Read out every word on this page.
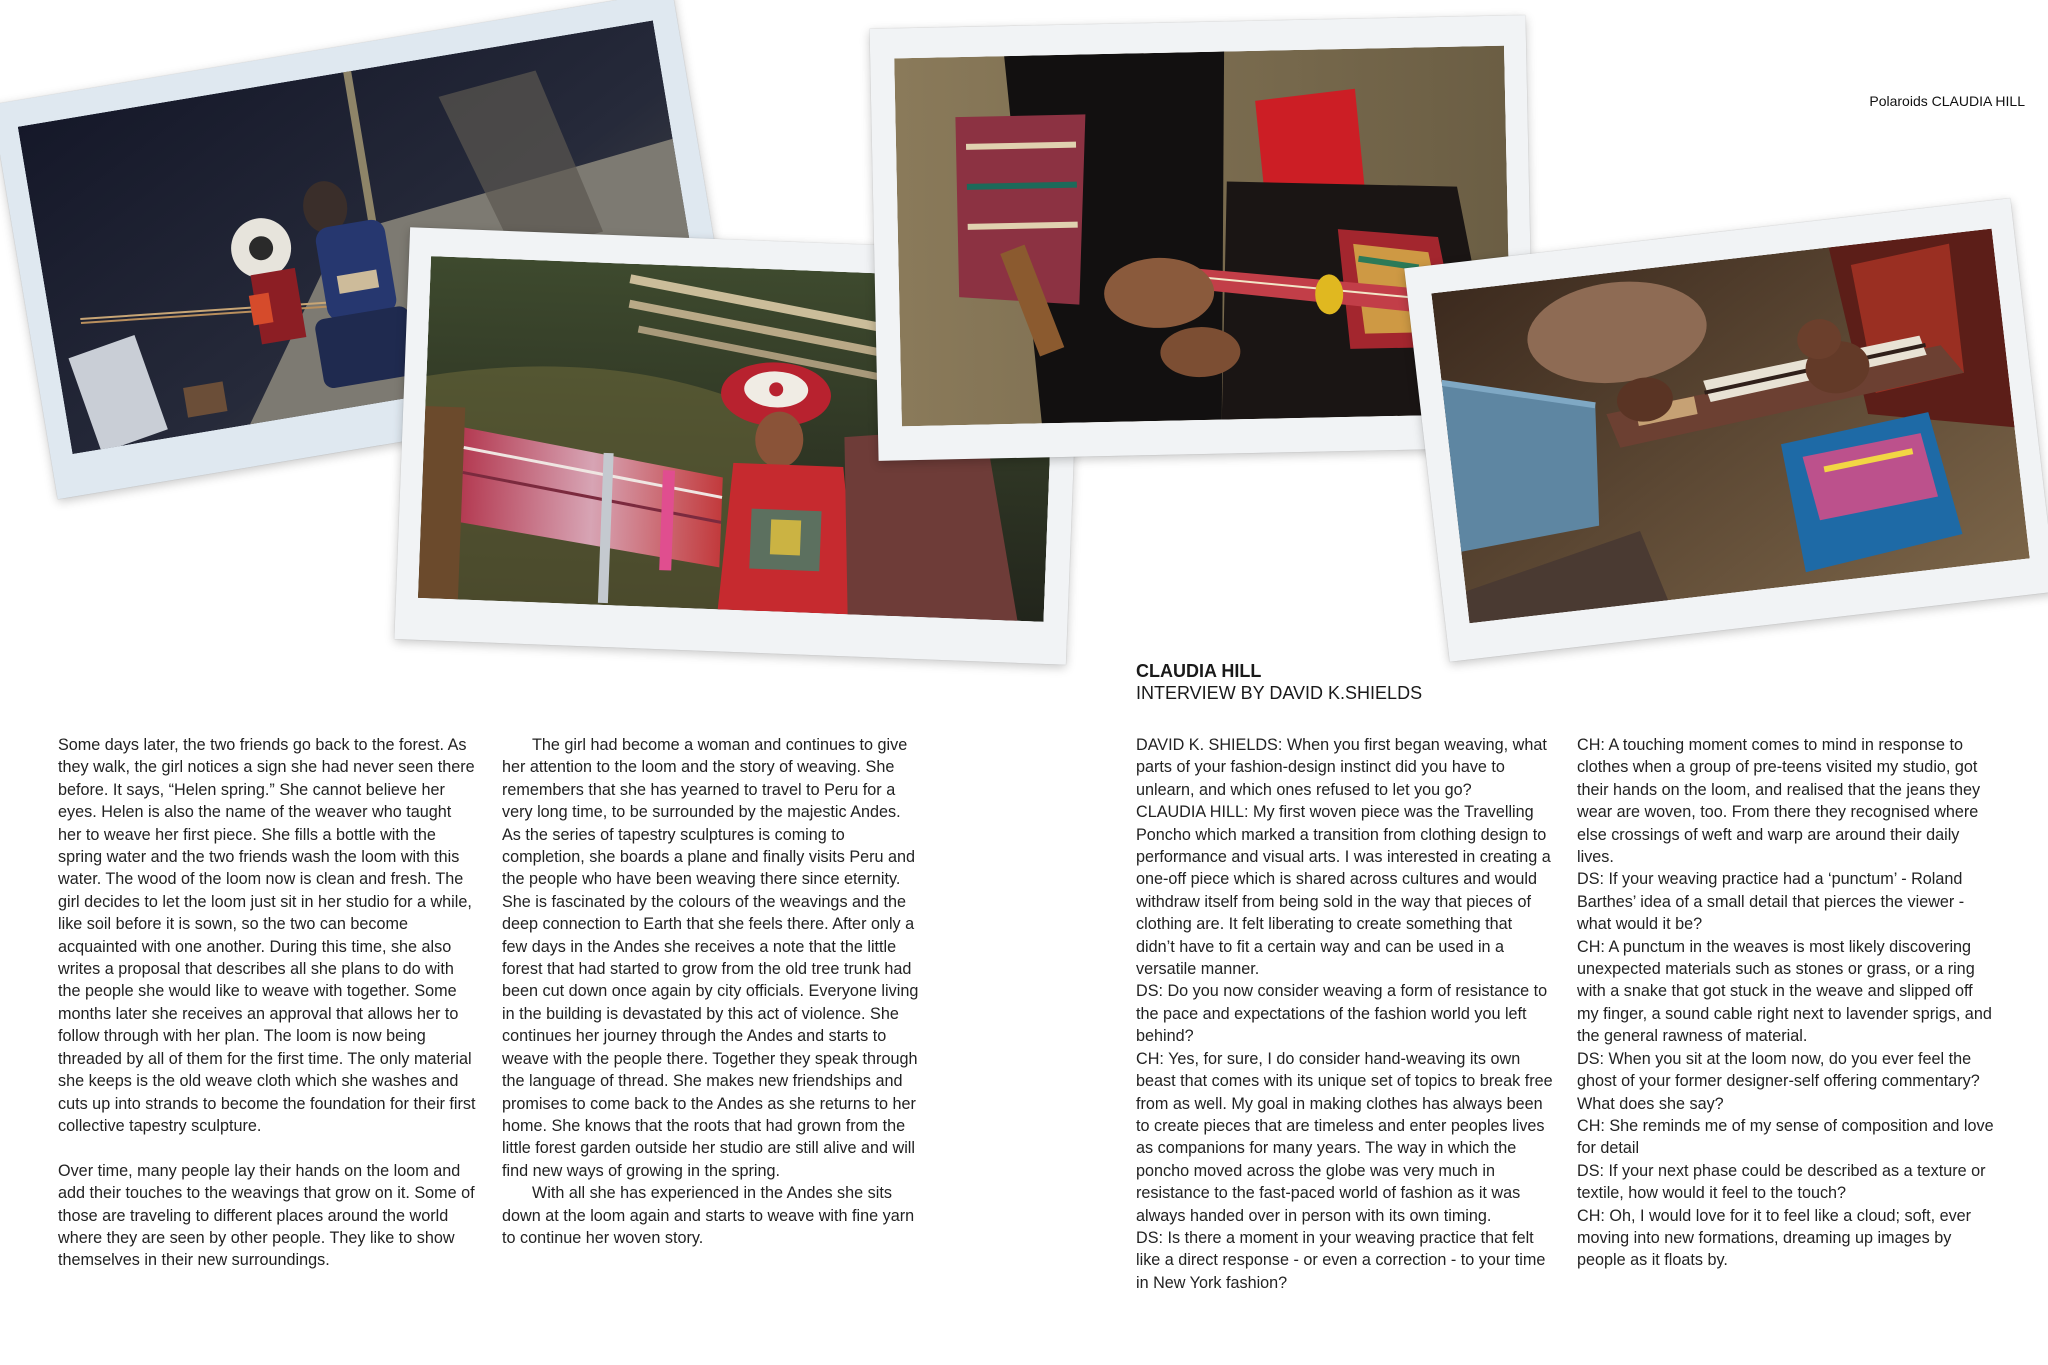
Polaroids CLAUDIA HILL
CLAUDIA HILL
INTERVIEW BY DAVID K.SHIELDS

Some days later, the two friends go back to the forest. As they walk, the girl notices a sign she had never seen there before. It says, “Helen spring.” She cannot believe her eyes. Helen is also the name of the weaver who taught her to weave her first piece. She fills a bottle with the spring water and the two friends wash the loom with this water. The wood of the loom now is clean and fresh. The girl decides to let the loom just sit in her studio for a while, like soil before it is sown, so the two can become acquainted with one another. During this time, she also writes a proposal that describes all she plans to do with the people she would like to weave with together. Some months later she receives an approval that allows her to follow through with her plan. The loom is now being threaded by all of them for the first time. The only material she keeps is the old weave cloth which she washes and cuts up into strands to become the foundation for their first collective tapestry sculpture.

Over time, many people lay their hands on the loom and add their touches to the weavings that grow on it. Some of those are traveling to different places around the world where they are seen by other people. They like to show themselves in their new surroundings.

The girl had become a woman and continues to give her attention to the loom and the story of weaving. She remembers that she has yearned to travel to Peru for a very long time, to be surrounded by the majestic Andes. As the series of tapestry sculptures is coming to completion, she boards a plane and finally visits Peru and the people who have been weaving there since eternity. She is fascinated by the colours of the weavings and the deep connection to Earth that she feels there. After only a few days in the Andes she receives a note that the little forest that had started to grow from the old tree trunk had been cut down once again by city officials. Everyone living in the building is devastated by this act of violence. She continues her journey through the Andes and starts to weave with the people there. Together they speak through the language of thread. She makes new friendships and promises to come back to the Andes as she returns to her home. She knows that the roots that had grown from the little forest garden outside her studio are still alive and will find new ways of growing in the spring.

With all she has experienced in the Andes she sits down at the loom again and starts to weave with fine yarn to continue her woven story.

DAVID K. SHIELDS: When you first began weaving, what parts of your fashion-design instinct did you have to unlearn, and which ones refused to let you go?

CLAUDIA HILL: My first woven piece was the Travelling Poncho which marked a transition from clothing design to performance and visual arts. I was interested in creating a one-off piece which is shared across cultures and would withdraw itself from being sold in the way that pieces of clothing are. It felt liberating to create something that didn’t have to fit a certain way and can be used in a versatile manner.

DS: Do you now consider weaving a form of resistance to the pace and expectations of the fashion world you left behind?

CH: Yes, for sure, I do consider hand-weaving its own beast that comes with its unique set of topics to break free from as well. My goal in making clothes has always been to create pieces that are timeless and enter peoples lives as companions for many years. The way in which the poncho moved across the globe was very much in resistance to the fast-paced world of fashion as it was always handed over in person with its own timing.

DS: Is there a moment in your weaving practice that felt like a direct response - or even a correction - to your time in New York fashion?

CH: A touching moment comes to mind in response to clothes when a group of pre-teens visited my studio, got their hands on the loom, and realised that the jeans they wear are woven, too. From there they recognised where else crossings of weft and warp are around their daily lives.

DS: If your weaving practice had a ‘punctum’ - Roland Barthes’ idea of a small detail that pierces the viewer - what would it be?

CH: A punctum in the weaves is most likely discovering unexpected materials such as stones or grass, or a ring with a snake that got stuck in the weave and slipped off my finger, a sound cable right next to lavender sprigs, and the general rawness of material.

DS: When you sit at the loom now, do you ever feel the ghost of your former designer-self offering commentary? What does she say?

CH: She reminds me of my sense of composition and love for detail

DS: If your next phase could be described as a texture or textile, how would it feel to the touch?

CH: Oh, I would love for it to feel like a cloud; soft, ever moving into new formations, dreaming up images by people as it floats by.
